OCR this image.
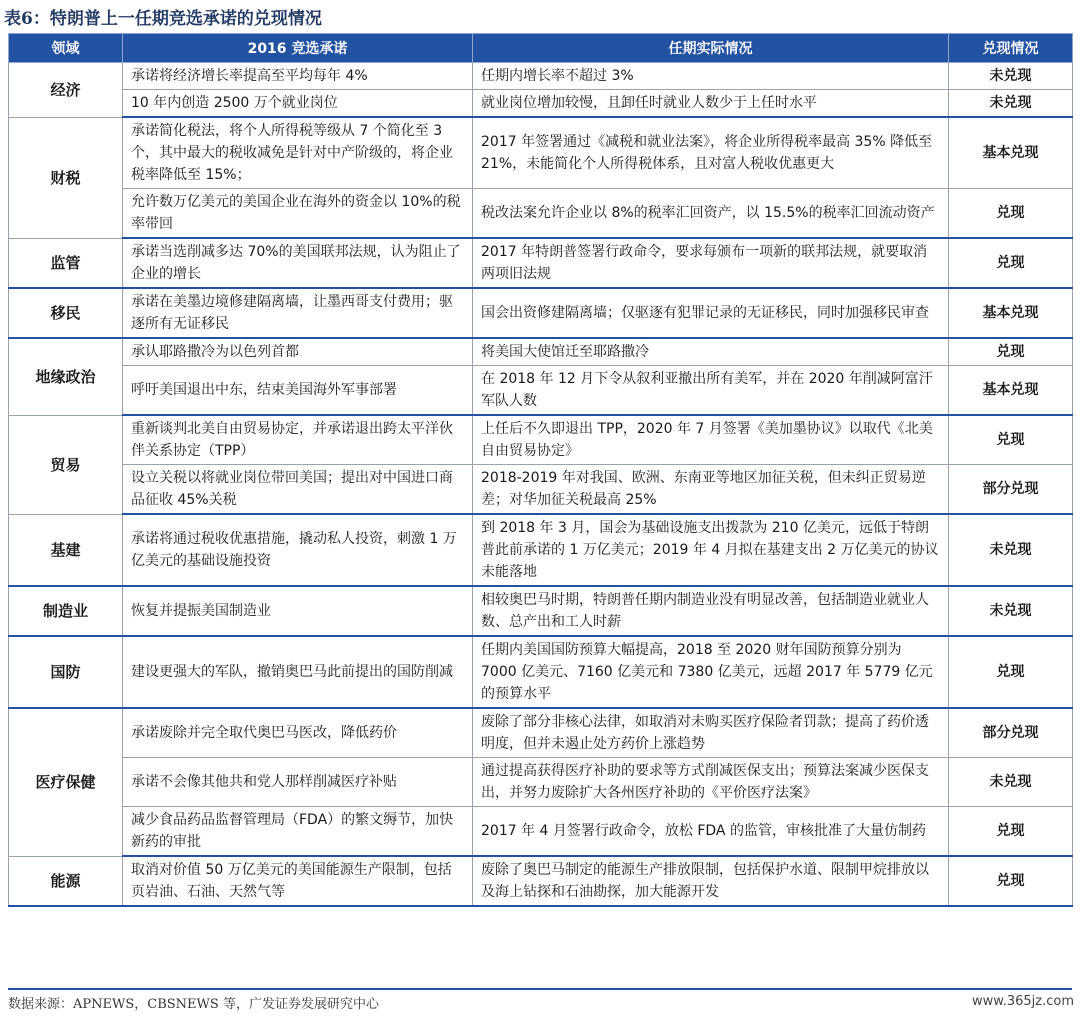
表6：特朗普上一任期竞选承诺的兑现情况
领域	2016 竞选承诺	任期实际情况	兑现情况
经济	承诺将经济增长率提高至平均每年 4%	任期内增长率不超过 3%	未兑现
	10 年内创造 2500 万个就业岗位	就业岗位增加较慢，且卸任时就业人数少于上任时水平	未兑现
财税	承诺简化税法，将个人所得税等级从 7 个简化至 3 个，其中最大的税收减免是针对中产阶级的，将企业税率降低至 15%；	2017 年签署通过《减税和就业法案》，将企业所得税率最高 35% 降低至 21%，未能简化个人所得税体系，且对富人税收优惠更大	基本兑现
	允许数万亿美元的美国企业在海外的资金以 10%的税率带回	税改法案允许企业以 8%的税率汇回资产，以 15.5%的税率汇回流动资产	兑现
监管	承诺当选削减多达 70%的美国联邦法规，认为阻止了企业的增长	2017 年特朗普签署行政命令，要求每颁布一项新的联邦法规，就要取消两项旧法规	兑现
移民	承诺在美墨边境修建隔离墙，让墨西哥支付费用；驱逐所有无证移民	国会出资修建隔离墙；仅驱逐有犯罪记录的无证移民，同时加强移民审查	基本兑现
地缘政治	承认耶路撒冷为以色列首都	将美国大使馆迁至耶路撒冷	兑现
	呼吁美国退出中东，结束美国海外军事部署	在 2018 年 12 月下令从叙利亚撤出所有美军，并在 2020 年削减阿富汗军队人数	基本兑现
贸易	重新谈判北美自由贸易协定，并承诺退出跨太平洋伙伴关系协定（TPP）	上任后不久即退出 TPP，2020 年 7 月签署《美加墨协议》以取代《北美自由贸易协定》	兑现
	设立关税以将就业岗位带回美国；提出对中国进口商品征收 45%关税	2018-2019 年对我国、欧洲、东南亚等地区加征关税，但未纠正贸易逆差；对华加征关税最高 25%	部分兑现
基建	承诺将通过税收优惠措施，撬动私人投资，刺激 1 万亿美元的基础设施投资	到 2018 年 3 月，国会为基础设施支出拨款为 210 亿美元，远低于特朗普此前承诺的 1 万亿美元；2019 年 4 月拟在基建支出 2 万亿美元的协议未能落地	未兑现
制造业	恢复并提振美国制造业	相较奥巴马时期，特朗普任期内制造业没有明显改善，包括制造业就业人数、总产出和工人时薪	未兑现
国防	建设更强大的军队，撤销奥巴马此前提出的国防削减	任期内美国国防预算大幅提高，2018 至 2020 财年国防预算分别为 7000 亿美元、7160 亿美元和 7380 亿美元，远超 2017 年 5779 亿元的预算水平	兑现
医疗保健	承诺废除并完全取代奥巴马医改，降低药价	废除了部分非核心法律，如取消对未购买医疗保险者罚款；提高了药价透明度，但并未遏止处方药价上涨趋势	部分兑现
	承诺不会像其他共和党人那样削减医疗补贴	通过提高获得医疗补助的要求等方式削减医保支出；预算法案减少医保支出，并努力废除扩大各州医疗补助的《平价医疗法案》	未兑现
	减少食品药品监督管理局（FDA）的繁文缛节，加快新药的审批	2017 年 4 月签署行政命令，放松 FDA 的监管，审核批准了大量仿制药	兑现
能源	取消对价值 50 万亿美元的美国能源生产限制，包括页岩油、石油、天然气等	废除了奥巴马制定的能源生产排放限制，包括保护水道、限制甲烷排放以及海上钻探和石油勘探，加大能源开发	兑现
数据来源：APNEWS，CBSNEWS 等，广发证券发展研究中心	www.365jz.com
